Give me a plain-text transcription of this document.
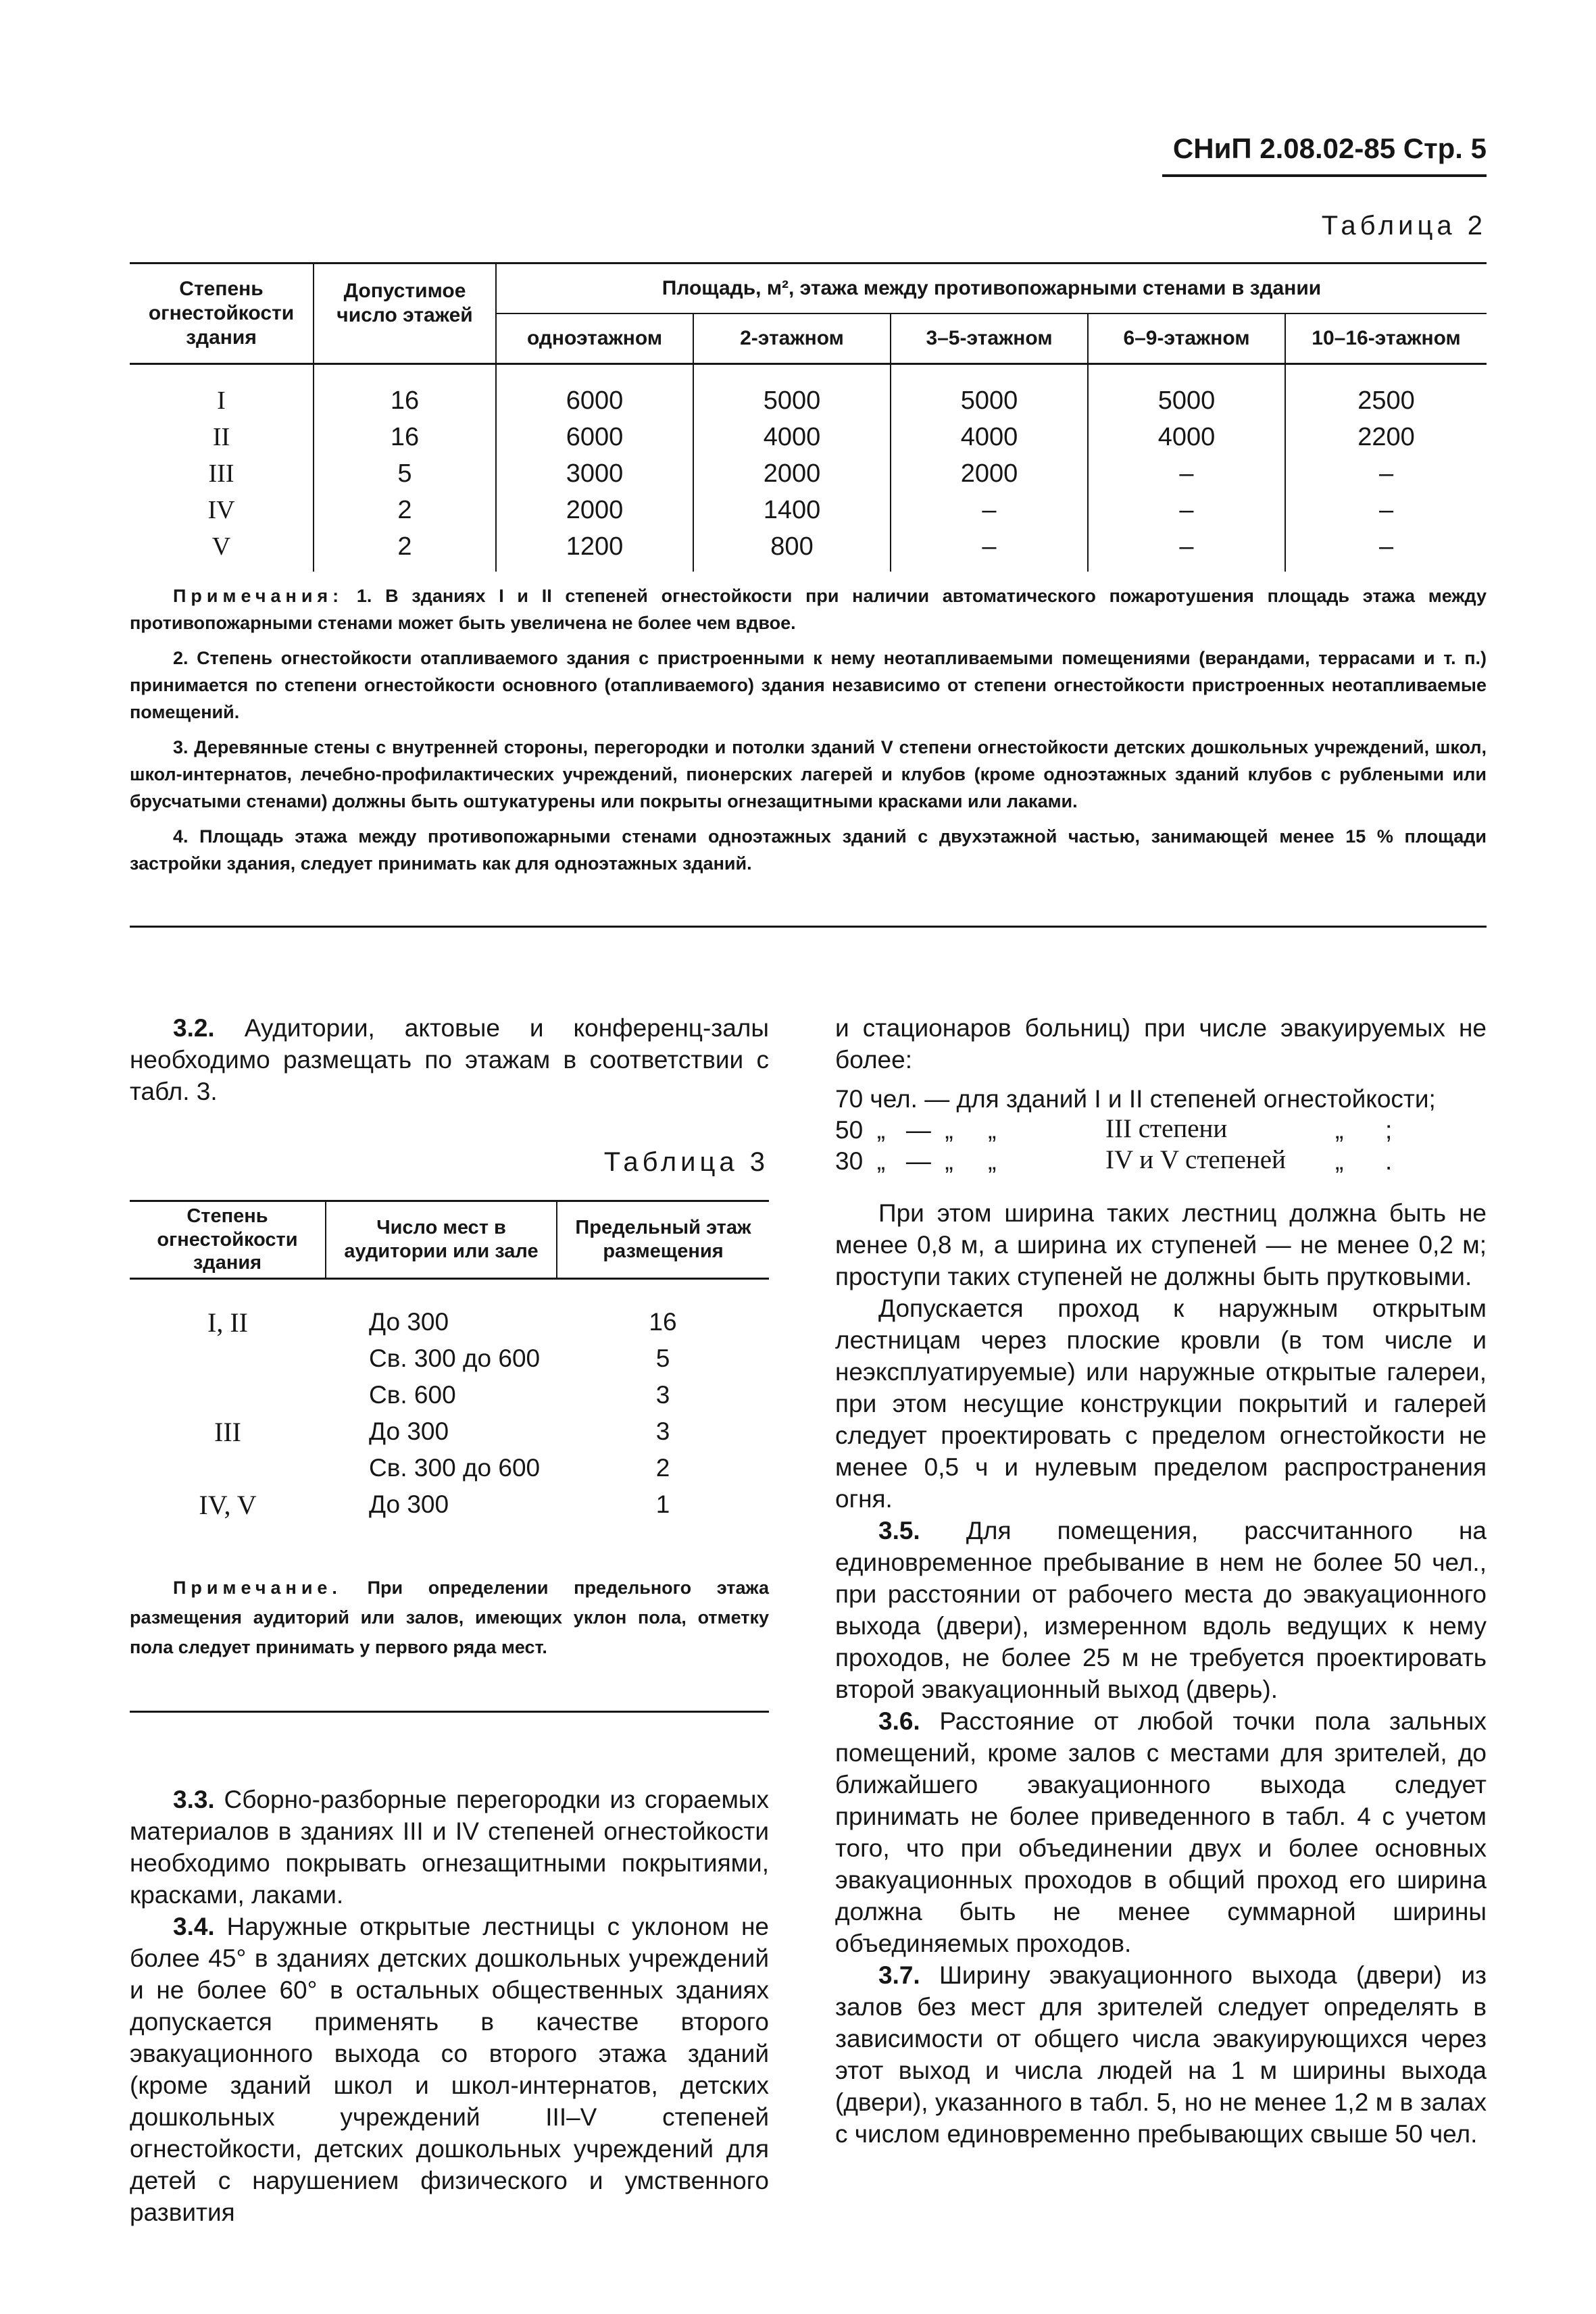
СНиП 2.08.02-85 Стр. 5
Таблица 2
Степень огнестойкости здания	Допустимое число этажей	Площадь, м², этажа между противопожарными стенами в здании				
		одноэтажном	2-этажном	3–5-этажном	6–9-этажном	10–16-этажном
I	16	6000	5000	5000	5000	2500
II	16	6000	4000	4000	4000	2200
III	5	3000	2000	2000	–	–
IV	2	2000	1400	–	–	–
V	2	1200	800	–	–	–

Примечания: 1. В зданиях I и II степеней огнестойкости при наличии автоматического пожаротушения площадь этажа между противопожарными стенами может быть увеличена не более чем вдвое.

2. Степень огнестойкости отапливаемого здания с пристроенными к нему неотапливаемыми помещениями (верандами, террасами и т. п.) принимается по степени огнестойкости основного (отапливаемого) здания независимо от степени огнестойкости пристроенных неотапливаемые помещений.

3. Деревянные стены с внутренней стороны, перегородки и потолки зданий V степени огнестойкости детских дошкольных учреждений, школ, школ-интернатов, лечебно-профилактических учреждений, пионерских лагерей и клубов (кроме одноэтажных зданий клубов с рублеными или брусчатыми стенами) должны быть оштукатурены или покрыты огнезащитными красками или лаками.

4. Площадь этажа между противопожарными стенами одноэтажных зданий с двухэтажной частью, занимающей менее 15 % площади застройки здания, следует принимать как для одноэтажных зданий.

3.2. Аудитории, актовые и конференц-залы необходимо размещать по этажам в соответствии с табл. 3.

Таблица 3
Степень огнестойкости здания	Число мест в аудитории или зале	Предельный этаж размещения
I, II	До 300	16
	Св. 300 до 600	5
	Св. 600	3
III	До 300	3
	Св. 300 до 600	2
IV, V	До 300	1

Примечание. При определении предельного этажа размещения аудиторий или залов, имеющих уклон пола, отметку пола следует принимать у первого ряда мест.

3.3. Сборно-разборные перегородки из сгораемых материалов в зданиях III и IV степеней огнестойкости необходимо покрывать огнезащитными покрытиями, красками, лаками.

3.4. Наружные открытые лестницы с уклоном не более 45° в зданиях детских дошкольных учреждений и не более 60° в остальных общественных зданиях допускается применять в качестве второго эвакуационного выхода со второго этажа зданий (кроме зданий школ и школ-интернатов, детских дошкольных учреждений III–V степеней огнестойкости, детских дошкольных учреждений для детей с нарушением физического и умственного развития

и стационаров больниц) при числе эвакуируемых не более:

70 чел. — для зданий I и II степеней огнестойкости;
50  „   —  „     „	III степени	„      ;
30  „   —  „     „	IV и V степеней „      .

При этом ширина таких лестниц должна быть не менее 0,8 м, а ширина их ступеней — не менее 0,2 м; проступи таких ступеней не должны быть прутковыми.

Допускается проход к наружным открытым лестницам через плоские кровли (в том числе и неэксплуатируемые) или наружные открытые галереи, при этом несущие конструкции покрытий и галерей следует проектировать с пределом огнестойкости не менее 0,5 ч и нулевым пределом распространения огня.

3.5. Для помещения, рассчитанного на единовременное пребывание в нем не более 50 чел., при расстоянии от рабочего места до эвакуационного выхода (двери), измеренном вдоль ведущих к нему проходов, не более 25 м не требуется проектировать второй эвакуационный выход (дверь).

3.6. Расстояние от любой точки пола зальных помещений, кроме залов с местами для зрителей, до ближайшего эвакуационного выхода следует принимать не более приведенного в табл. 4 с учетом того, что при объединении двух и более основных эвакуационных проходов в общий проход его ширина должна быть не менее суммарной ширины объединяемых проходов.

3.7. Ширину эвакуационного выхода (двери) из залов без мест для зрителей следует определять в зависимости от общего числа эвакуирующихся через этот выход и числа людей на 1 м ширины выхода (двери), указанного в табл. 5, но не менее 1,2 м в залах с числом единовременно пребывающих свыше 50 чел.
